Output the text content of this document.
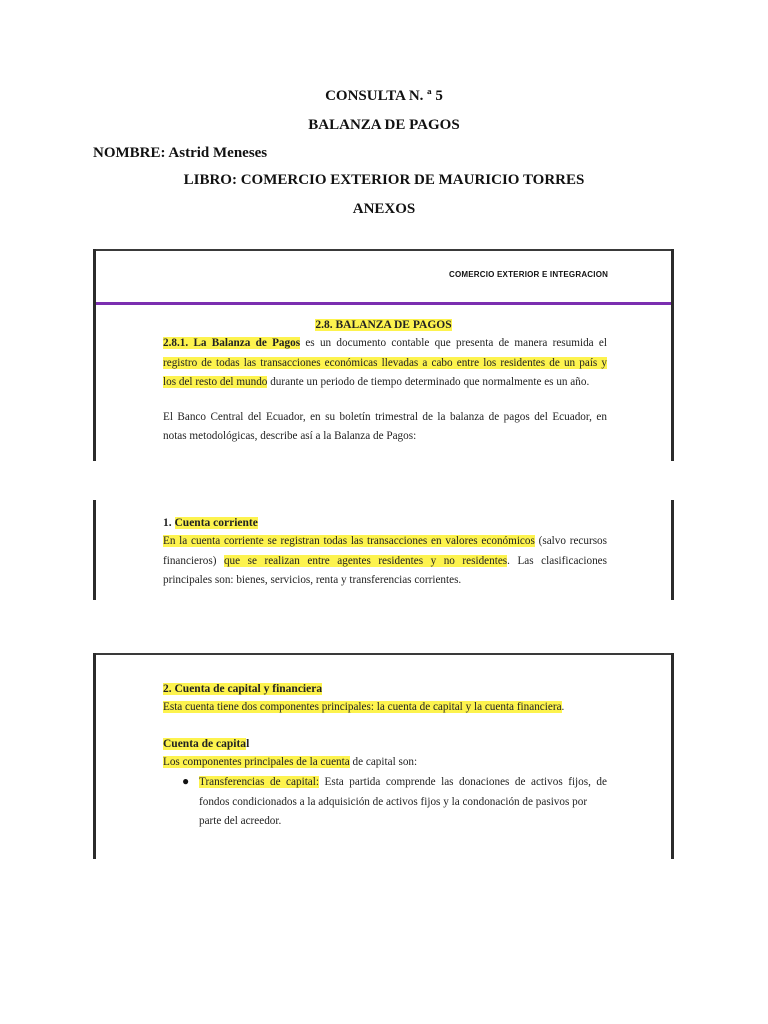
CONSULTA N. ª 5
BALANZA DE PAGOS
NOMBRE: Astrid Meneses
LIBRO: COMERCIO EXTERIOR DE MAURICIO TORRES
ANEXOS
COMERCIO EXTERIOR E INTEGRACION
2.8. BALANZA DE PAGOS
2.8.1. La Balanza de Pagos es un documento contable que presenta de manera resumida el
registro de todas las transacciones económicas llevadas a cabo entre los residentes de un país y
los del resto del mundo durante un periodo de tiempo determinado que normalmente es un año.
El Banco Central del Ecuador, en su boletín trimestral de la balanza de pagos del Ecuador, en
notas metodológicas, describe así a la Balanza de Pagos:
1. Cuenta corriente
En la cuenta corriente se registran todas las transacciones en valores económicos (salvo recursos
financieros) que se realizan entre agentes residentes y no residentes. Las clasificaciones
principales son: bienes, servicios, renta y transferencias corrientes.
2. Cuenta de capital y financiera
Esta cuenta tiene dos componentes principales: la cuenta de capital y la cuenta financiera.
Cuenta de capital
Los componentes principales de la cuenta de capital son:
● Transferencias de capital: Esta partida comprende las donaciones de activos fijos, de
fondos condicionados a la adquisición de activos fijos y la condonación de pasivos por
parte del acreedor.
